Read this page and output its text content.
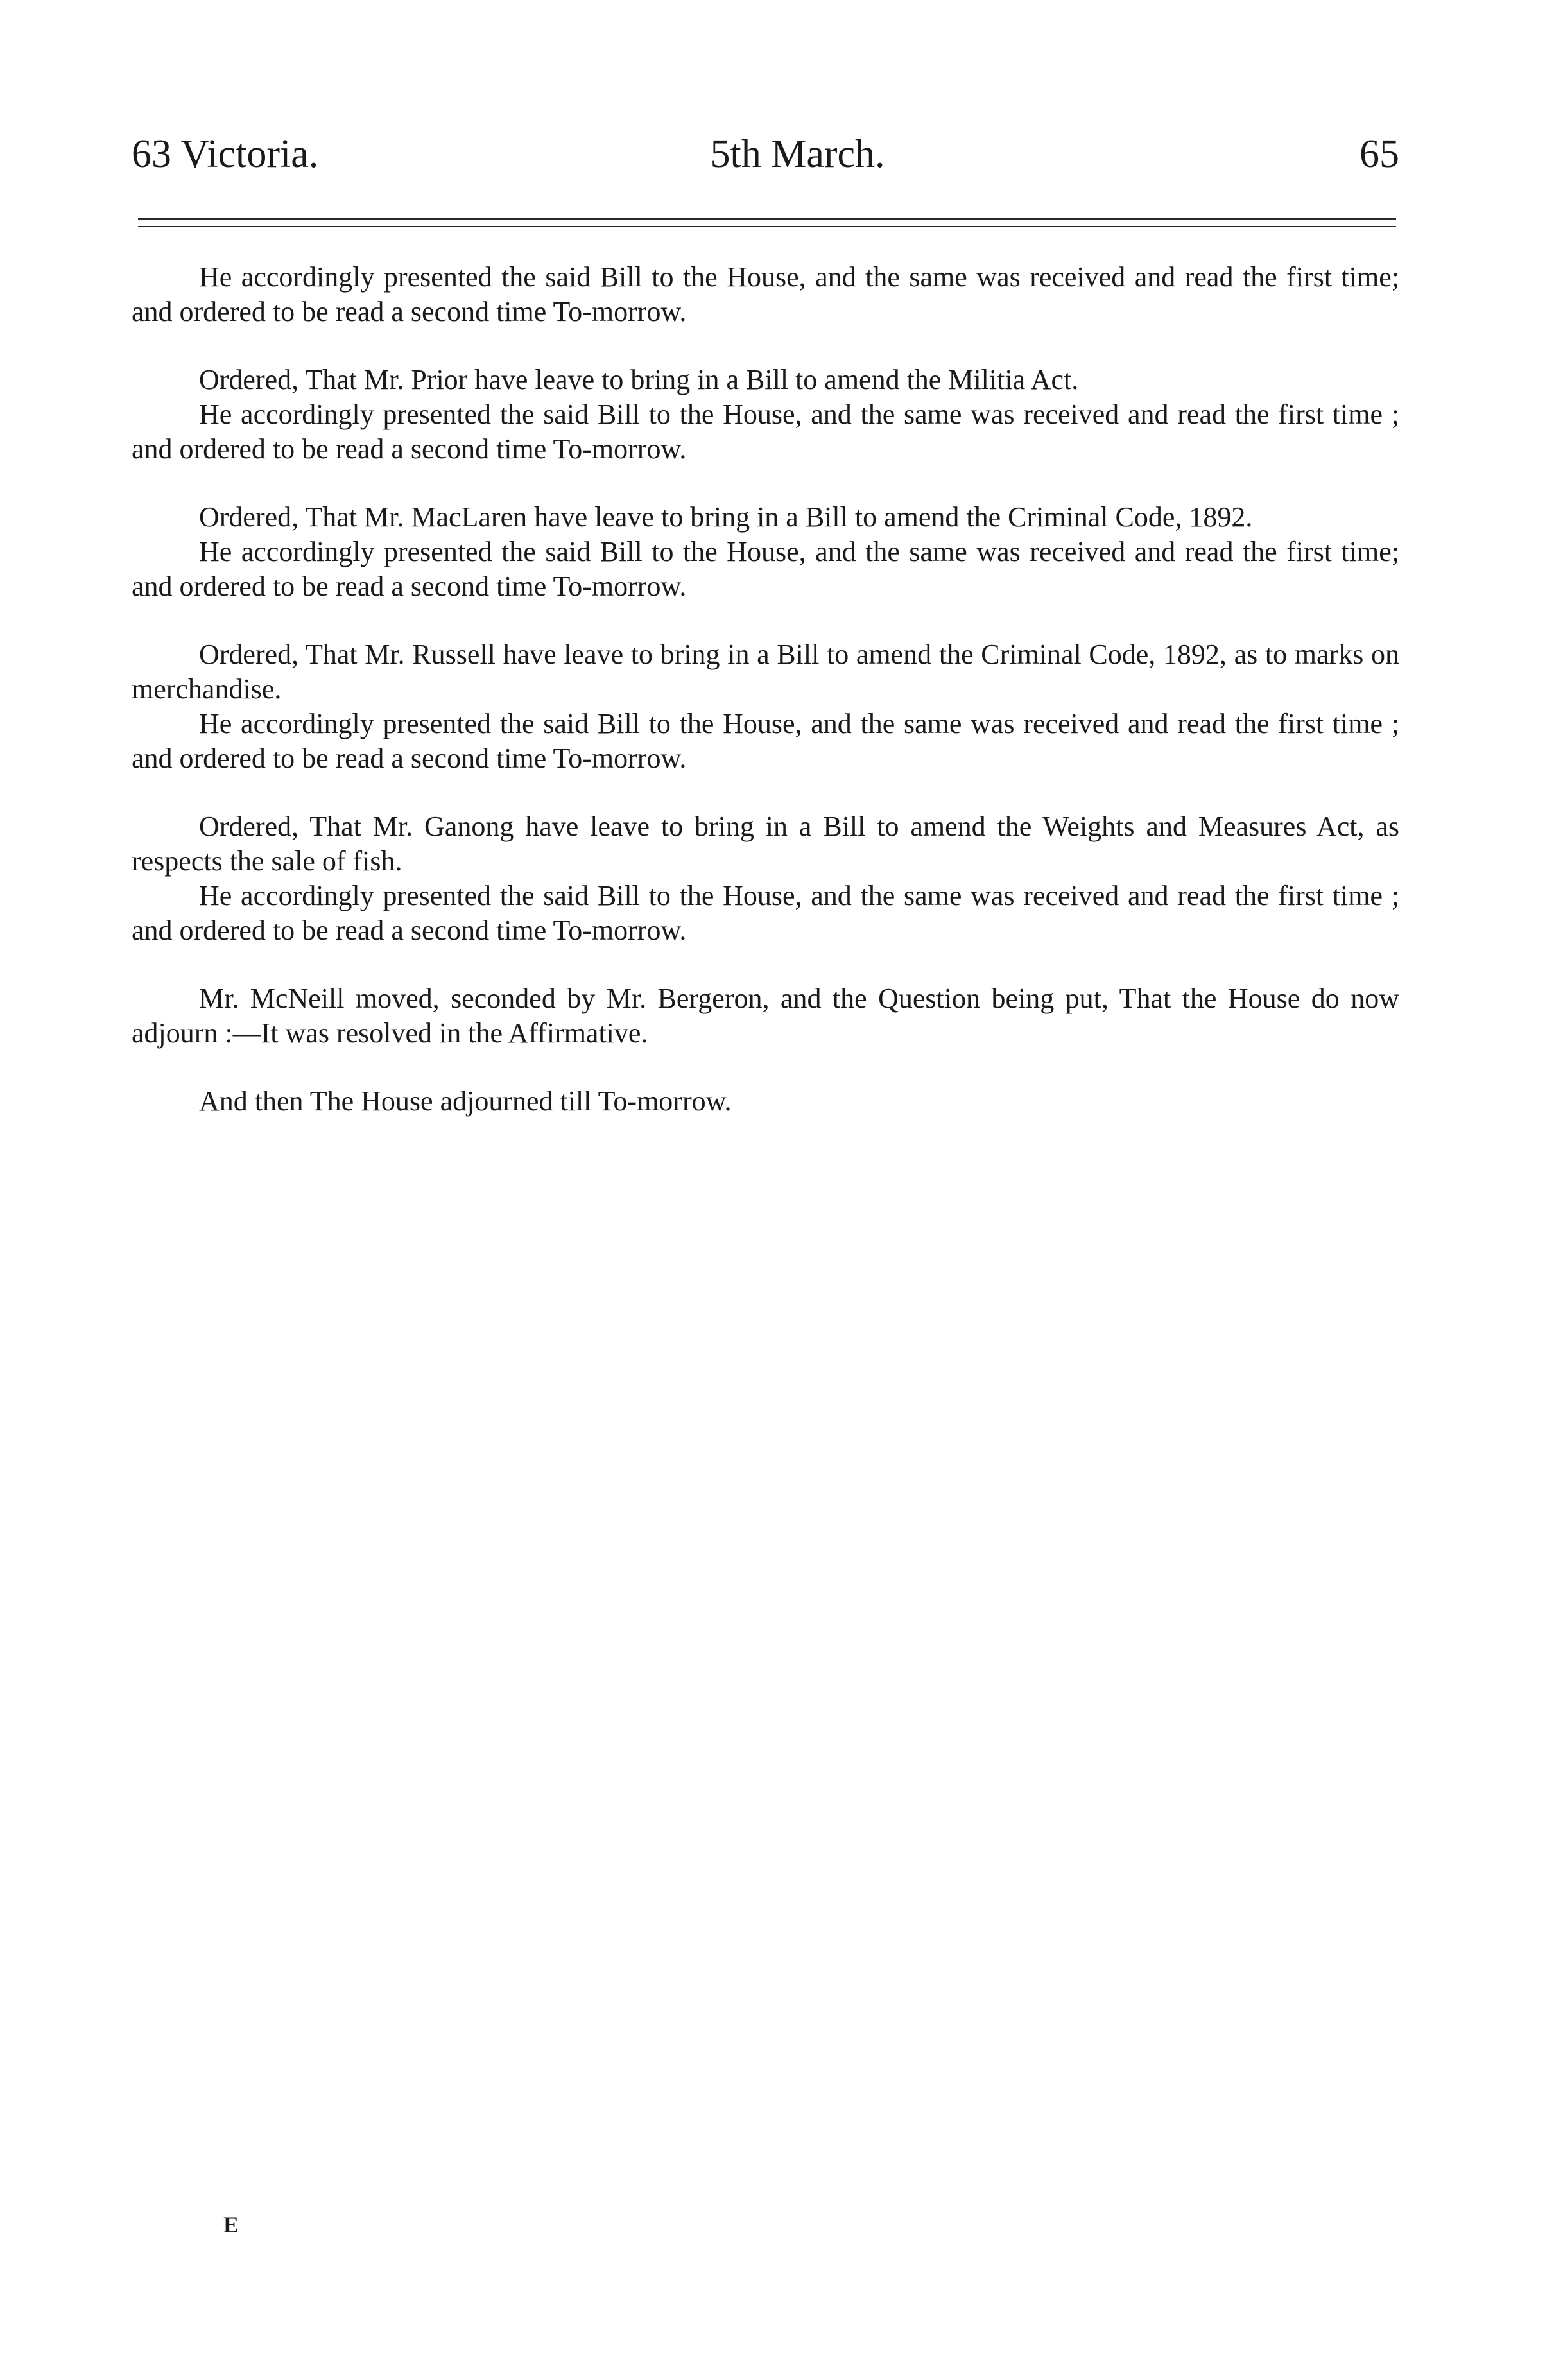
63 Victoria.	5th March.	65

He accordingly presented the said Bill to the House, and the same was received and read the first time; and ordered to be read a second time To-morrow.

Ordered, That Mr. Prior have leave to bring in a Bill to amend the Militia Act.

He accordingly presented the said Bill to the House, and the same was received and read the first time ; and ordered to be read a second time To-morrow.

Ordered, That Mr. MacLaren have leave to bring in a Bill to amend the Criminal Code, 1892.

He accordingly presented the said Bill to the House, and the same was received and read the first time; and ordered to be read a second time To-morrow.

Ordered, That Mr. Russell have leave to bring in a Bill to amend the Criminal Code, 1892, as to marks on merchandise.

He accordingly presented the said Bill to the House, and the same was received and read the first time ; and ordered to be read a second time To-morrow.

Ordered, That Mr. Ganong have leave to bring in a Bill to amend the Weights and Measures Act, as respects the sale of fish.

He accordingly presented the said Bill to the House, and the same was received and read the first time ; and ordered to be read a second time To-morrow.

Mr. McNeill moved, seconded by Mr. Bergeron, and the Question being put, That the House do now adjourn :—It was resolved in the Affirmative.

And then The House adjourned till To-morrow.

E
